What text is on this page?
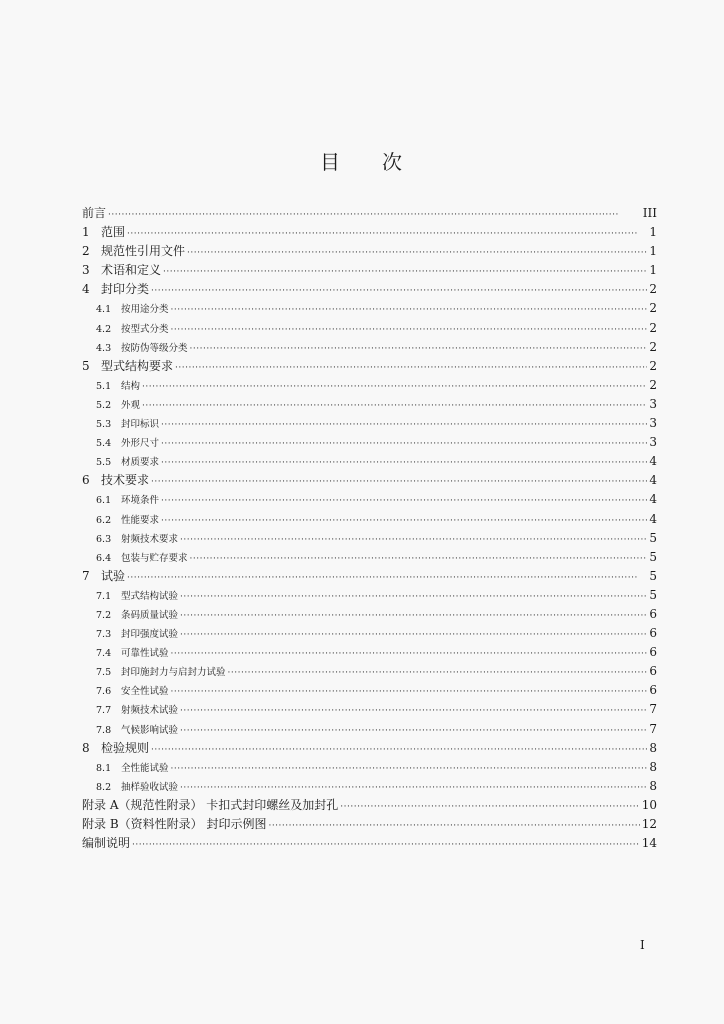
目 次
前言 ·····	III
1 范围 ·····	1
2 规范性引用文件 ·····	1
3 术语和定义 ·····	1
4 封印分类 ·····	2
4.1	按用途分类 ·····	2
4.2	按型式分类 ·····	2
4.3	按防伪等级分类 ·····	2
5 型式结构要求 ·····	2
5.1	结构 ·····	2
5.2	外观 ·····	3
5.3	封印标识 ·····	3
5.4	外形尺寸 ·····	3
5.5	材质要求 ·····	4
6 技术要求 ·····	4
6.1	环境条件 ·····	4
6.2	性能要求 ·····	4
6.3	射频技术要求 ·····	5
6.4	包装与贮存要求 ·····	5
7 试验 ·····	5
7.1	型式结构试验 ·····	5
7.2	条码质量试验 ·····	6
7.3	封印强度试验 ·····	6
7.4	可靠性试验 ·····	6
7.5	封印施封力与启封力试验 ·····	6
7.6	安全性试验 ·····	6
7.7	射频技术试验 ·····	7
7.8	气候影响试验 ·····	7
8 检验规则 ·····	8
8.1	全性能试验 ·····	8
8.2	抽样验收试验 ·····	8
附录 A（规范性附录） 卡扣式封印螺丝及加封孔 ·····	10
附录 B（资料性附录） 封印示例图 ·····	12
编制说明 ·····	14
I
